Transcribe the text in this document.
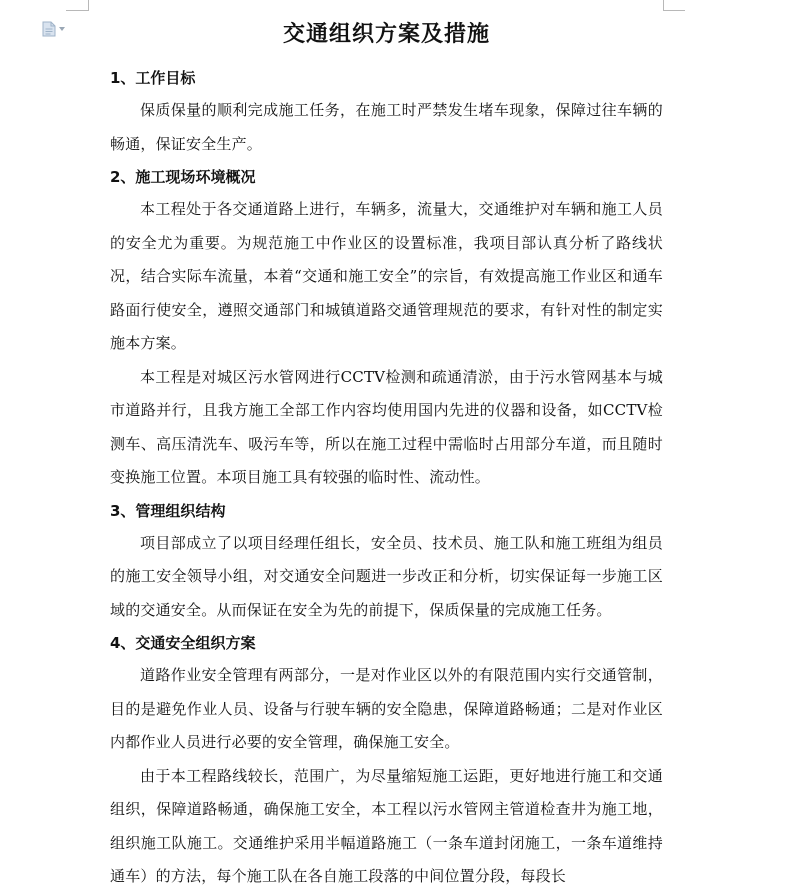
交通组织方案及措施
1、工作目标

保质保量的顺利完成施工任务，在施工时严禁发生堵车现象，保障过往车辆的畅通，保证安全生产。

2、施工现场环境概况

本工程处于各交通道路上进行，车辆多，流量大，交通维护对车辆和施工人员的安全尤为重要。为规范施工中作业区的设置标准，我项目部认真分析了路线状况，结合实际车流量，本着“交通和施工安全”的宗旨，有效提高施工作业区和通车路面行使安全，遵照交通部门和城镇道路交通管理规范的要求，有针对性的制定实施本方案。

本工程是对城区污水管网进行CCTV检测和疏通清淤，由于污水管网基本与城市道路并行，且我方施工全部工作内容均使用国内先进的仪器和设备，如CCTV检测车、高压清洗车、吸污车等，所以在施工过程中需临时占用部分车道，而且随时变换施工位置。本项目施工具有较强的临时性、流动性。

3、管理组织结构

项目部成立了以项目经理任组长，安全员、技术员、施工队和施工班组为组员的施工安全领导小组，对交通安全问题进一步改正和分析，切实保证每一步施工区域的交通安全。从而保证在安全为先的前提下，保质保量的完成施工任务。

4、交通安全组织方案

道路作业安全管理有两部分，一是对作业区以外的有限范围内实行交通管制，目的是避免作业人员、设备与行驶车辆的安全隐患，保障道路畅通；二是对作业区内都作业人员进行必要的安全管理，确保施工安全。

由于本工程路线较长，范围广，为尽量缩短施工运距，更好地进行施工和交通组织，保障道路畅通，确保施工安全，本工程以污水管网主管道检查井为施工地，组织施工队施工。交通维护采用半幅道路施工（一条车道封闭施工，一条车道维持通车）的方法，每个施工队在各自施工段落的中间位置分段，每段长
